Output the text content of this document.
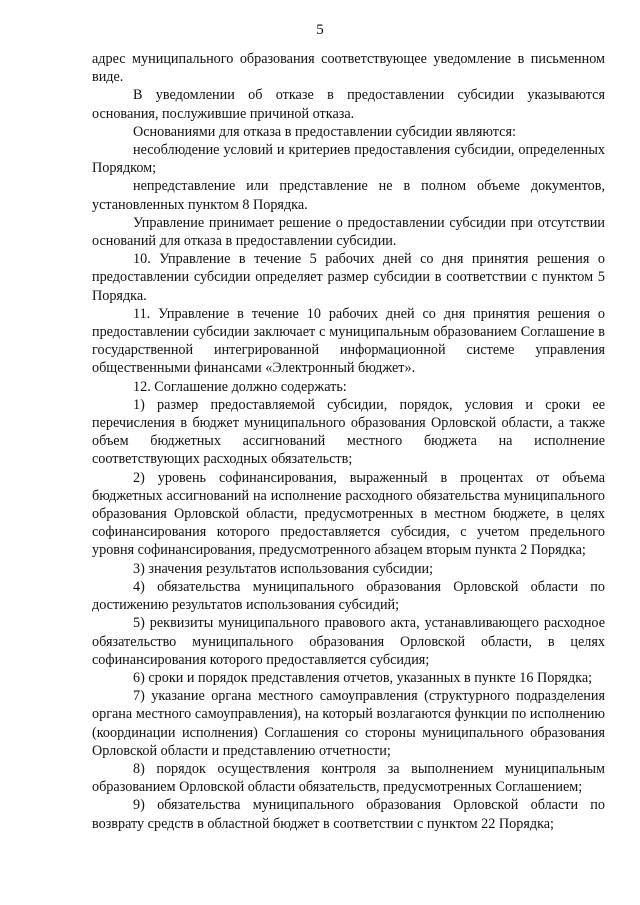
5

адрес муниципального образования соответствующее уведомление в письменном виде.

В уведомлении об отказе в предоставлении субсидии указываются основания, послужившие причиной отказа.

Основаниями для отказа в предоставлении субсидии являются:

несоблюдение условий и критериев предоставления субсидии, определенных Порядком;

непредставление или представление не в полном объеме документов, установленных пунктом 8 Порядка.

Управление принимает решение о предоставлении субсидии при отсутствии оснований для отказа в предоставлении субсидии.

10. Управление в течение 5 рабочих дней со дня принятия решения о предоставлении субсидии определяет размер субсидии в соответствии с пунктом 5 Порядка.

11. Управление в течение 10 рабочих дней со дня принятия решения о предоставлении субсидии заключает с муниципальным образованием Соглашение в государственной интегрированной информационной системе управления общественными финансами «Электронный бюджет».

12. Соглашение должно содержать:

1) размер предоставляемой субсидии, порядок, условия и сроки ее перечисления в бюджет муниципального образования Орловской области, а также объем бюджетных ассигнований местного бюджета на исполнение соответствующих расходных обязательств;

2) уровень софинансирования, выраженный в процентах от объема бюджетных ассигнований на исполнение расходного обязательства муниципального образования Орловской области, предусмотренных в местном бюджете, в целях софинансирования которого предоставляется субсидия, с учетом предельного уровня софинансирования, предусмотренного абзацем вторым пункта 2 Порядка;

3) значения результатов использования субсидии;

4) обязательства муниципального образования Орловской области по достижению результатов использования субсидий;

5) реквизиты муниципального правового акта, устанавливающего расходное обязательство муниципального образования Орловской области, в целях софинансирования которого предоставляется субсидия;

6) сроки и порядок представления отчетов, указанных в пункте 16 Порядка;

7) указание органа местного самоуправления (структурного подразделения органа местного самоуправления), на который возлагаются функции по исполнению (координации исполнения) Соглашения со стороны муниципального образования Орловской области и представлению отчетности;

8) порядок осуществления контроля за выполнением муниципальным образованием Орловской области обязательств, предусмотренных Соглашением;

9) обязательства муниципального образования Орловской области по возврату средств в областной бюджет в соответствии с пунктом 22 Порядка;
